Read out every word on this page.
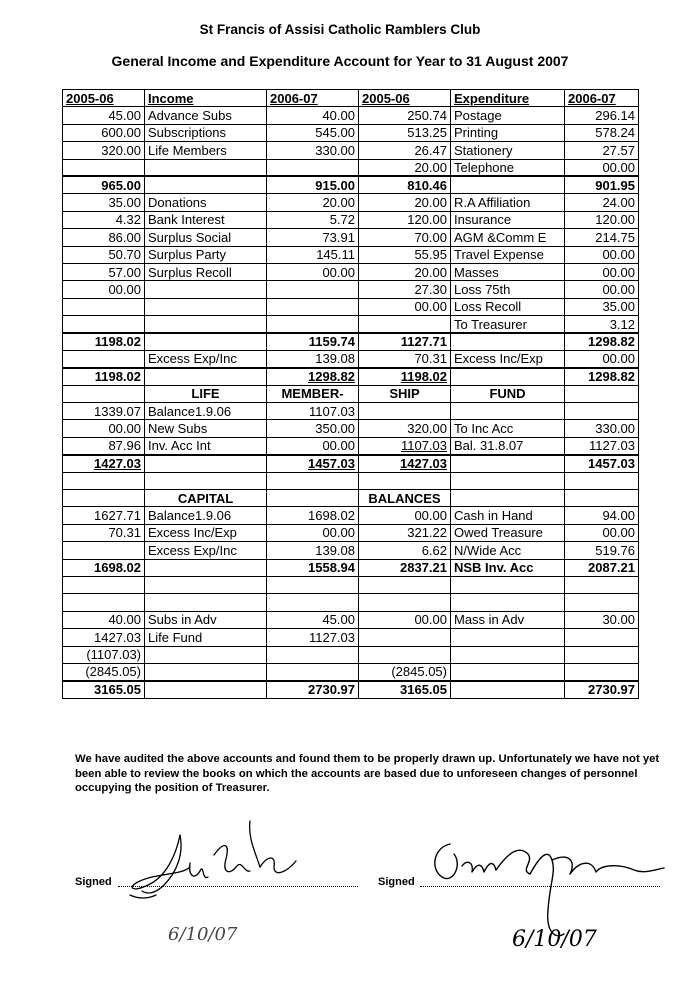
St Francis of Assisi Catholic Ramblers Club
General Income and Expenditure Account for Year to 31 August 2007
2005-06	Income	2006-07	2005-06	Expenditure	2006-07
45.00	Advance Subs	40.00	250.74	Postage	296.14
600.00	Subscriptions	545.00	513.25	Printing	578.24
320.00	Life Members	330.00	26.47	Stationery	27.57
			20.00	Telephone	00.00
965.00		915.00	810.46		901.95
35.00	Donations	20.00	20.00	R.A Affiliation	24.00
4.32	Bank Interest	5.72	120.00	Insurance	120.00
86.00	Surplus Social	73.91	70.00	AGM &Comm E	214.75
50.70	Surplus Party	145.11	55.95	Travel Expense	00.00
57.00	Surplus Recoll	00.00	20.00	Masses	00.00
00.00			27.30	Loss 75th	00.00
			00.00	Loss Recoll	35.00
				To Treasurer	3.12
1198.02		1159.74	1127.71		1298.82
	Excess Exp/Inc	139.08	70.31	Excess Inc/Exp	00.00
1198.02		1298.82	1198.02		1298.82
	LIFE	MEMBER-	SHIP	FUND	
1339.07	Balance1.9.06	1107.03			
00.00	New Subs	350.00	320.00	To Inc Acc	330.00
87.96	Inv. Acc Int	00.00	1107.03	Bal. 31.8.07	1127.03
1427.03		1457.03	1427.03		1457.03

	CAPITAL		BALANCES		
1627.71	Balance1.9.06	1698.02	00.00	Cash in Hand	94.00
70.31	Excess Inc/Exp	00.00	321.22	Owed Treasure	00.00
	Excess Exp/Inc	139.08	6.62	N/Wide Acc	519.76
1698.02		1558.94	2837.21	NSB Inv. Acc	2087.21

40.00	Subs in Adv	45.00	00.00	Mass in Adv	30.00
1427.03	Life Fund	1127.03			
(1107.03)					
(2845.05)			(2845.05)		
3165.05		2730.97	3165.05		2730.97
We have audited the above accounts and found them to be properly drawn up. Unfortunately we have not yet been able to review the books on which the accounts are based due to unforeseen changes of personnel occupying the position of Treasurer.
Signed
6/10/07
Signed
6/10/07
